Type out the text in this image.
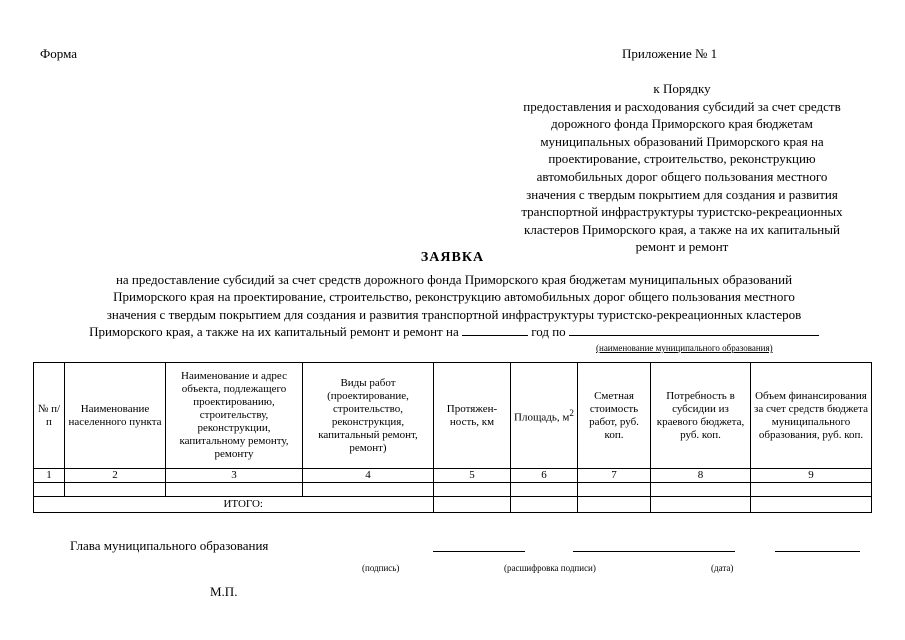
Форма	Приложение № 1
к Порядку
предоставления и расходования субсидий за счет средств
дорожного фонда Приморского края бюджетам
муниципальных образований Приморского края на
проектирование, строительство, реконструкцию
автомобильных дорог общего пользования местного
значения с твердым покрытием для создания и развития
транспортной инфраструктуры туристско-рекреационных
кластеров Приморского края, а также на их капитальный
ремонт и ремонт
ЗАЯВКА
на предоставление субсидий за счет средств дорожного фонда Приморского края бюджетам муниципальных образований
Приморского края на проектирование, строительство, реконструкцию автомобильных дорог общего пользования местного
значения с твердым покрытием для создания и развития транспортной инфраструктуры туристско-рекреационных кластеров
Приморского края, а также на их капитальный ремонт и ремонт на	год по
(наименование муниципального образования)
№ п/п	Наименование населенного пункта	Наименование и адрес объекта, подлежащего проектированию, строительству, реконструкции, капитальному ремонту, ремонту	Виды работ (проектирование, строительство, реконструкция, капитальный ремонт, ремонт)	Протяжен-ность, км	Площадь, $м^2$	Сметная стоимость работ, руб. коп.	Потребность в субсидии из краевого бюджета, руб. коп.	Объем финансирования за счет средств бюджета муниципального образования, руб. коп.
1	2	3	4	5	6	7	8	9

ИТОГО:								
Глава муниципального образования
(подпись)	(расшифровка подписи)	(дата)
М.П.
